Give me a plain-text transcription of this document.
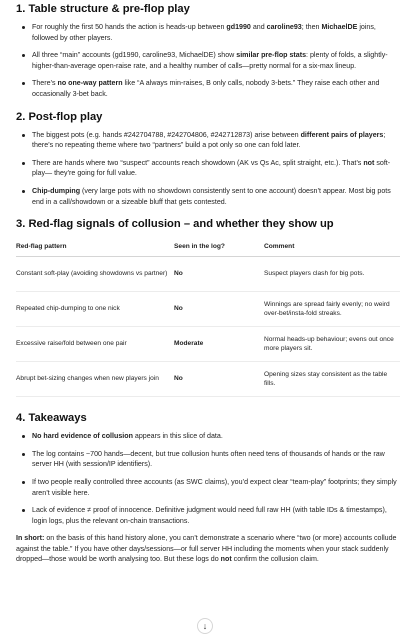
1. Table structure & pre-flop play
For roughly the first 50 hands the action is heads-up between gd1990 and caroline93; then MichaelDE joins, followed by other players.
All three “main” accounts (gd1990, caroline93, MichaelDE) show similar pre-flop stats: plenty of folds, a slightly-higher-than-average open-raise rate, and a healthy number of calls—pretty normal for a six-max lineup.
There’s no one-way pattern like “A always min-raises, B only calls, nobody 3-bets.” They raise each other and occasionally 3-bet back.
2. Post-flop play
The biggest pots (e.g. hands #242704788, #242704806, #242712873) arise between different pairs of players; there’s no repeating theme where two “partners” build a pot only so one can fold later.
There are hands where two “suspect” accounts reach showdown (AK vs Qs Ac, split straight, etc.). That’s not soft-play— they’re going for full value.
Chip-dumping (very large pots with no showdown consistently sent to one account) doesn’t appear. Most big pots end in a call/showdown or a sizeable bluff that gets contested.
3. Red-flag signals of collusion – and whether they show up
Red-flag pattern	Seen in the log?	Comment

Constant soft-play (avoiding showdowns vs partner)	No	Suspect players clash for big pots.

Repeated chip-dumping to one nick	No	Winnings are spread fairly evenly; no weird over-bet/insta-fold streaks.

Excessive raise/fold between one pair	Moderate	Normal heads-up behaviour; evens out once more players sit.

Abrupt bet-sizing changes when new players join	No	Opening sizes stay consistent as the table fills.
4. Takeaways
No hard evidence of collusion appears in this slice of data.
The log contains ~700 hands—decent, but true collusion hunts often need tens of thousands of hands or the raw server HH (with session/IP identifiers).
If two people really controlled three accounts (as SWC claims), you’d expect clear “team-play” footprints; they simply aren’t visible here.
Lack of evidence ≠ proof of innocence. Definitive judgment would need full raw HH (with table IDs & timestamps), login logs, plus the relevant on-chain transactions.

In short: on the basis of this hand history alone, you can’t demonstrate a scenario where “two (or more) accounts collude against the table.” If you have other days/sessions—or full server HH including the moments when your stack suddenly dropped—those would be worth analysing too. But these logs do not confirm the collusion claim.

↓
